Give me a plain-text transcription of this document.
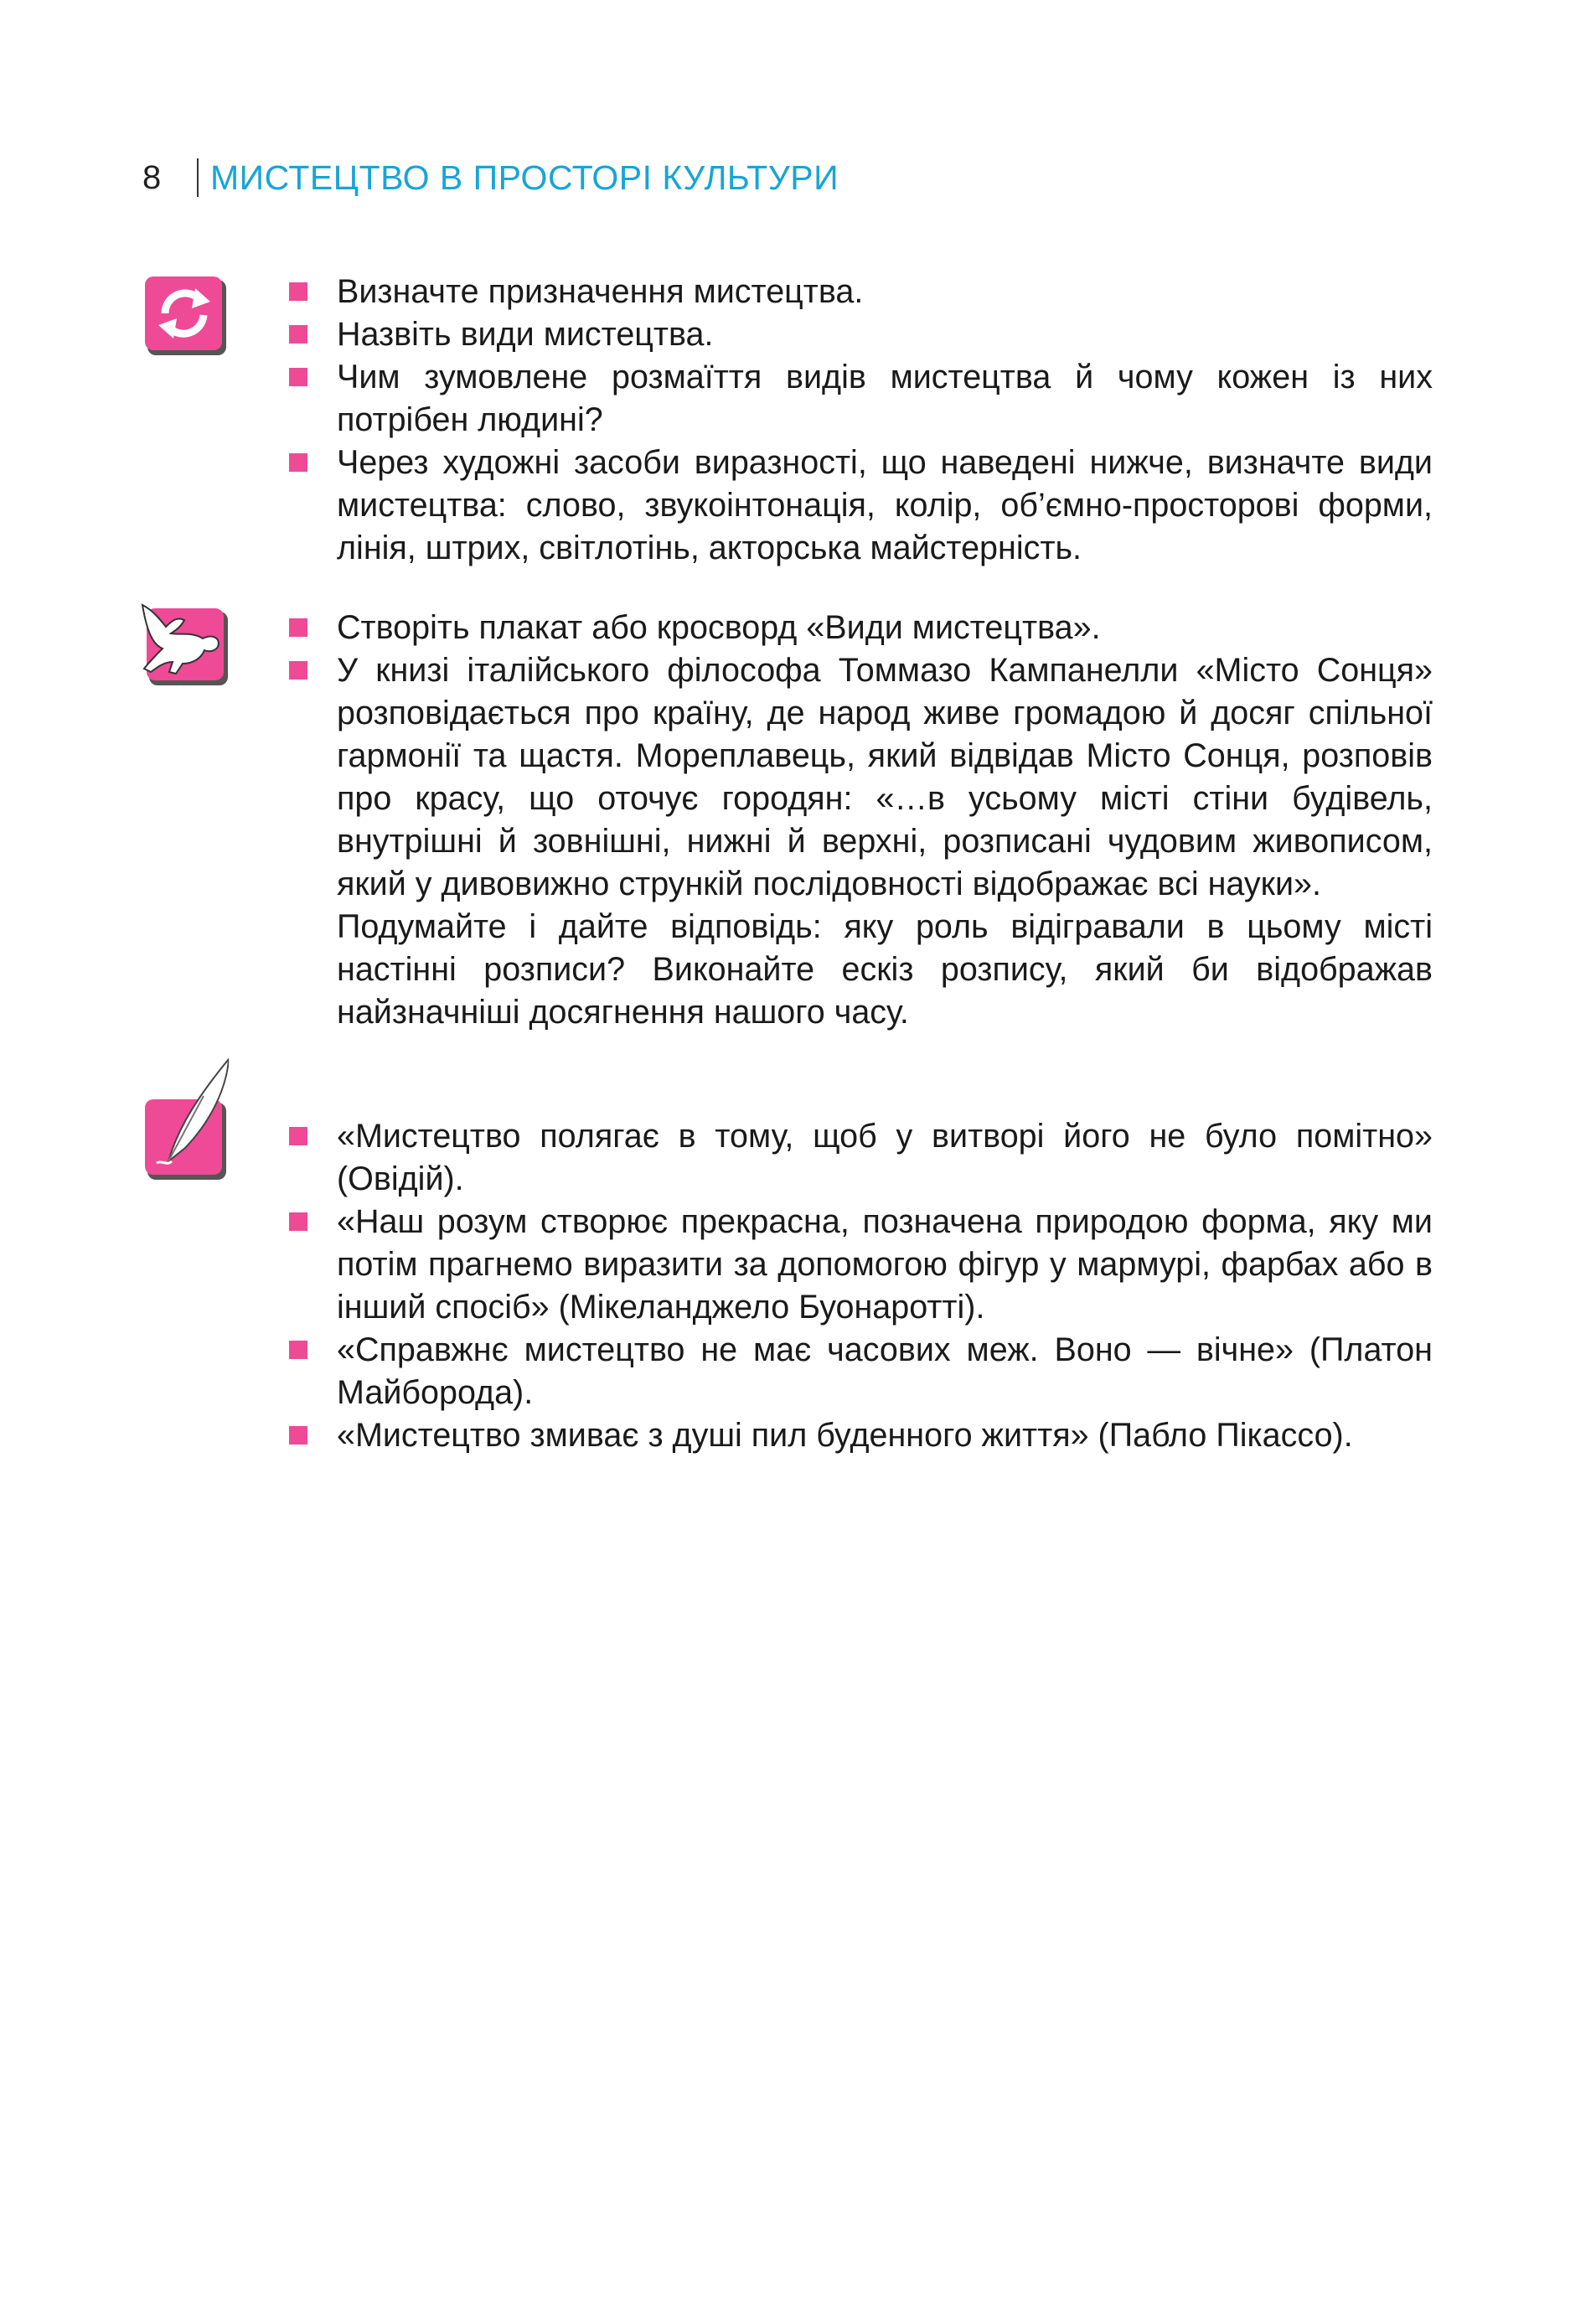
8	МИСТЕЦТВО В ПРОСТОРІ КУЛЬТУРИ
Визначте призначення мистецтва.
Назвіть види мистецтва.
Чим зумовлене розмаїття видів мистецтва й чому кожен із них потрібен людині?
Через художні засоби виразності, що наведені нижче, визначте види мистецтва: слово, звукоінтонація, колір, об’ємно-просторові форми, лінія, штрих, світлотінь, акторська майстерність.
Створіть плакат або кросворд «Види мистецтва».
У книзі італійського філософа Томмазо Кампанелли «Місто Сонця» розповідається про країну, де народ живе громадою й досяг спільної гармонії та щастя. Мореплавець, який відвідав Місто Сонця, розповів про красу, що оточує городян: «…в усьому місті стіни будівель, внутрішні й зовнішні, нижні й верхні, розписані чудовим живописом, який у дивовижно стрункій послідовності відображає всі науки».
Подумайте і дайте відповідь: яку роль відігравали в цьому місті настінні розписи? Виконайте ескіз розпису, який би відображав найзначніші досягнення нашого часу.
«Мистецтво полягає в тому, щоб у витворі його не було помітно» (Овідій).
«Наш розум створює прекрасна, позначена природою форма, яку ми потім прагнемо виразити за допомогою фігур у мармурі, фарбах або в інший спосіб» (Мікеланджело Буонаротті).
«Справжнє мистецтво не має часових меж. Воно — вічне» (Платон Майборода).
«Мистецтво змиває з душі пил буденного життя» (Пабло Пікассо).
